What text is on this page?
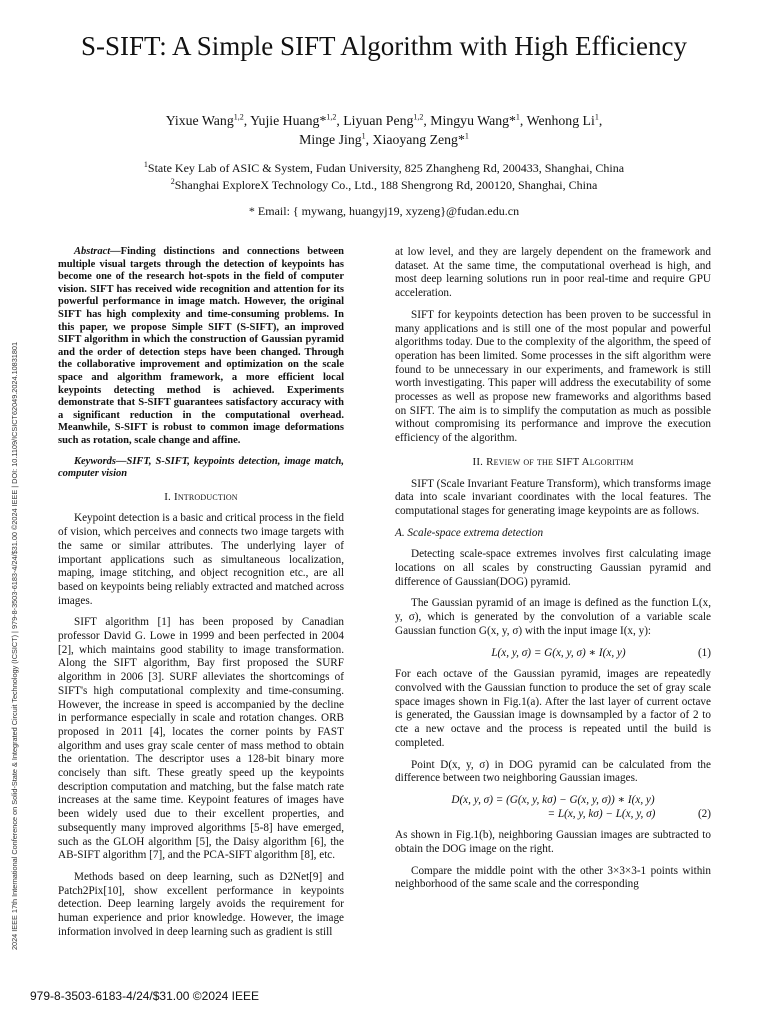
2024 IEEE 17th International Conference on Solid-State & Integrated Circuit Technology (ICSICT) | 979-8-3503-6183-4/24/$31.00 ©2024 IEEE | DOI: 10.1109/ICSICT62049.2024.10831801
S-SIFT: A Simple SIFT Algorithm with High Efficiency
Yixue Wang$^{1,2}$, Yujie Huang*$^{1,2}$, Liyuan Peng$^{1,2}$, Mingyu Wang*$^1$, Wenhong Li$^1$,
Minge Jing$^1$, Xiaoyang Zeng*$^1$
$^1$State Key Lab of ASIC & System, Fudan University, 825 Zhangheng Rd, 200433, Shanghai, China
$^2$Shanghai ExploreX Technology Co., Ltd., 188 Shengrong Rd, 200120, Shanghai, China
* Email: { mywang, huangyj19, xyzeng}@fudan.edu.cn

Abstract—Finding distinctions and connections between multiple visual targets through the detection of keypoints has become one of the research hot-spots in the field of computer vision. SIFT has received wide recognition and attention for its powerful performance in image match. However, the original SIFT has high complexity and time-consuming problems. In this paper, we propose Simple SIFT (S-SIFT), an improved SIFT algorithm in which the construction of Gaussian pyramid and the order of detection steps have been changed. Through the collaborative improvement and optimization on the scale space and algorithm framework, a more efficient local keypoints detecting method is achieved. Experiments demonstrate that S-SIFT guarantees satisfactory accuracy with a significant reduction in the computational overhead. Meanwhile, S-SIFT is robust to common image deformations such as rotation, scale change and affine.

Keywords—SIFT, S-SIFT, keypoints detection, image match, computer vision

I. Introduction

Keypoint detection is a basic and critical process in the field of vision, which perceives and connects two image targets with the same or similar attributes. The underlying layer of important applications such as simultaneous localization, maping, image stitching, and object recognition etc., are all based on keypoints being reliably extracted and matched across images.

SIFT algorithm [1] has been proposed by Canadian professor David G. Lowe in 1999 and been perfected in 2004 [2], which maintains good stability to image transformation. Along the SIFT algorithm, Bay first proposed the SURF algorithm in 2006 [3]. SURF alleviates the shortcomings of SIFT's high computational complexity and time-consuming. However, the increase in speed is accompanied by the decline in performance especially in scale and rotation changes. ORB proposed in 2011 [4], locates the corner points by FAST algorithm and uses gray scale center of mass method to obtain the orientation. The descriptor uses a 128-bit binary more concisely than sift. These greatly speed up the keypoints description computation and matching, but the false match rate increases at the same time. Keypoint features of images have been widely used due to their excellent properties, and subsequently many improved algorithms [5-8] have emerged, such as the GLOH algorithm [5], the Daisy algorithm [6], the AB-SIFT algorithm [7], and the PCA-SIFT algorithm [8], etc.

Methods based on deep learning, such as D2Net[9] and Patch2Pix[10], show excellent performance in keypoints detection. Deep learning largely avoids the requirement for human experience and prior knowledge. However, the image information involved in deep learning such as gradient is still

at low level, and they are largely dependent on the framework and dataset. At the same time, the computational overhead is high, and most deep learning solutions run in poor real-time and require GPU acceleration.

SIFT for keypoints detection has been proven to be successful in many applications and is still one of the most popular and powerful algorithms today. Due to the complexity of the algorithm, the speed of operation has been limited. Some processes in the sift algorithm were found to be unnecessary in our experiments, and framework is still worth investigating. This paper will address the executability of some processes as well as propose new frameworks and algorithms based on SIFT. The aim is to simplify the computation as much as possible without compromising its performance and improve the execution efficiency of the algorithm.

II. Review of the SIFT Algorithm

SIFT (Scale Invariant Feature Transform), which transforms image data into scale invariant coordinates with the local features. The computational stages for generating image keypoints are as follows.

A. Scale-space extrema detection

Detecting scale-space extremes involves first calculating image locations on all scales by constructing Gaussian pyramid and difference of Gaussian(DOG) pyramid.

The Gaussian pyramid of an image is defined as the function L(x, y, σ), which is generated by the convolution of a variable scale Gaussian function G(x, y, σ) with the input image I(x, y):

L(x, y, σ) = G(x, y, σ) ∗ I(x, y)	(1)

For each octave of the Gaussian pyramid, images are repeatedly convolved with the Gaussian function to produce the set of gray scale space images shown in Fig.1(a). After the last layer of current octave is generated, the Gaussian image is downsampled by a factor of 2 to cte a new octave and the process is repeated until the build is completed.

Point D(x, y, σ) in DOG pyramid can be calculated from the difference between two neighboring Gaussian images.

D(x, y, σ) = (G(x, y, kσ) − G(x, y, σ)) ∗ I(x, y)
= L(x, y, kσ) − L(x, y, σ)	(2)

As shown in Fig.1(b), neighboring Gaussian images are subtracted to obtain the DOG image on the right.

Compare the middle point with the other 3×3×3-1 points within neighborhood of the same scale and the corresponding

979-8-3503-6183-4/24/$31.00 ©2024 IEEE
